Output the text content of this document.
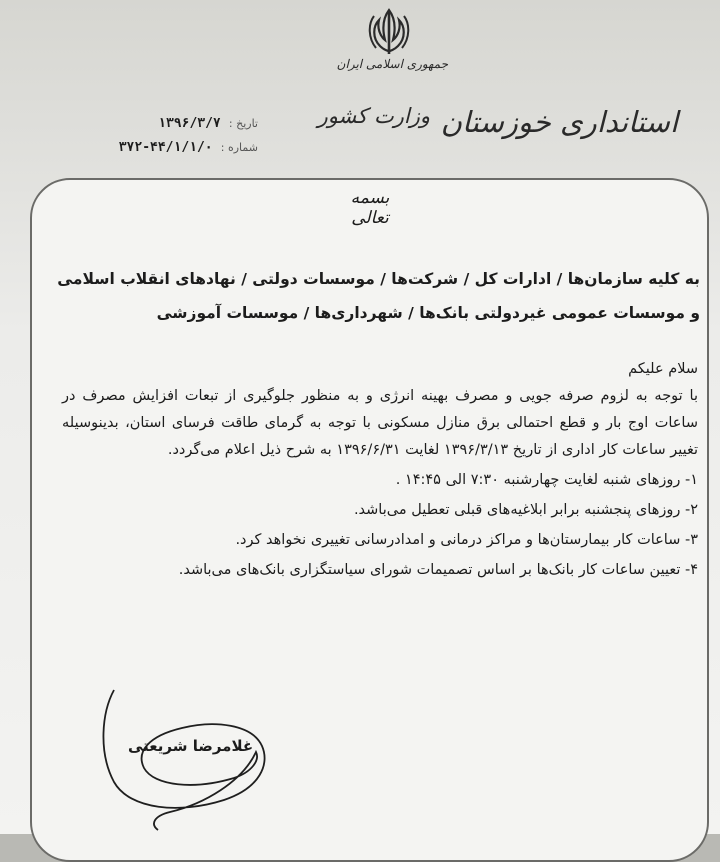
جمهوری اسلامی ایران
وزارت کشور استانداری خوزستان
تاریخ : ۱۳۹۶/۳/۷
شماره : ۴۴/۱/۱/۰-۳۷۲
بسمه تعالی
به کلیه سازمان‌ها / ادارات کل / شرکت‌ها / موسسات دولتی / نهادهای انقلاب اسلامی و موسسات عمومی غیردولتی بانک‌ها / شهرداری‌ها / موسسات آموزشی

سلام علیکم

با توجه به لزوم صرفه جویی و مصرف بهینه انرژی و به منظور جلوگیری از تبعات افزایش مصرف در ساعات اوج بار و قطع احتمالی برق منازل مسکونی با توجه به گرمای طاقت فرسای استان، بدینوسیله تغییر ساعات کار اداری از تاریخ ۱۳۹۶/۳/۱۳ لغایت ۱۳۹۶/۶/۳۱ به شرح ذیل اعلام می‌گردد.

۱- روزهای شنبه لغایت چهارشنبه ۷:۳۰ الی ۱۴:۴۵ .

۲- روزهای پنجشنبه برابر ابلاغیه‌های قبلی تعطیل می‌باشد.

۳- ساعات کار بیمارستان‌ها و مراکز درمانی و امدادرسانی تغییری نخواهد کرد.

۴- تعیین ساعات کار بانک‌ها بر اساس تصمیمات شورای سیاستگزاری بانک‌های می‌باشد.

غلامرضا شریعتی
